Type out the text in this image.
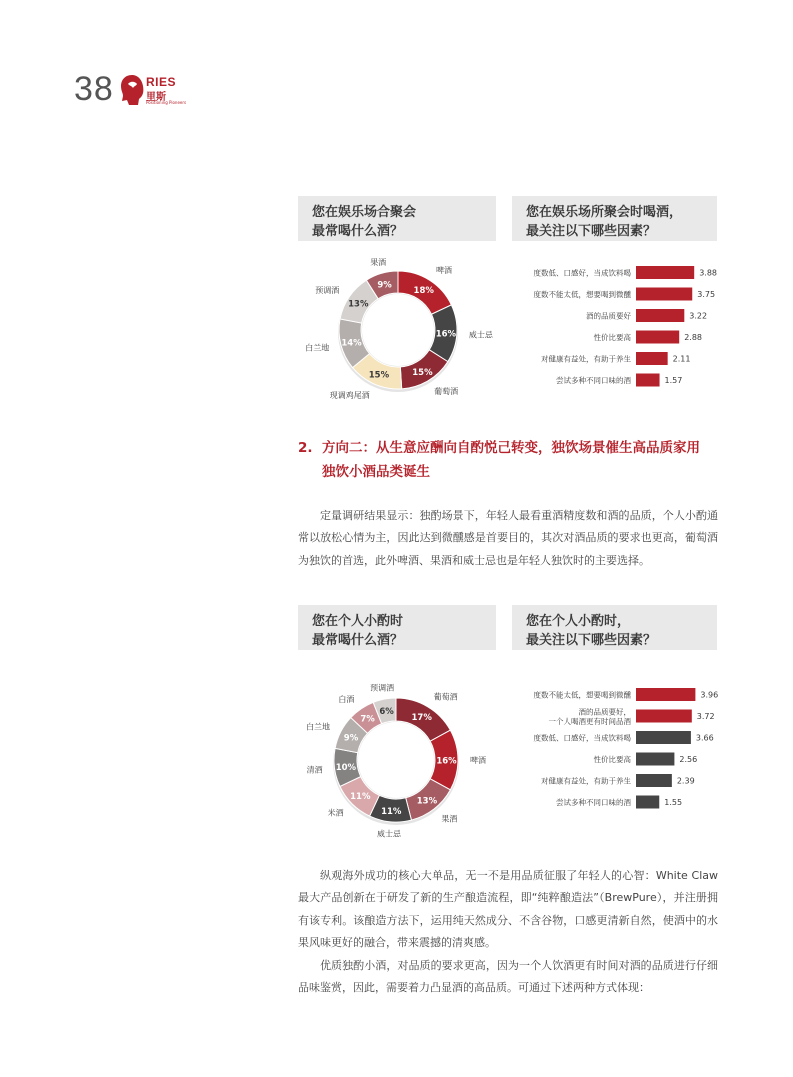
38	RIES
里斯
Positioning Pioneers
您在娱乐场合聚会
最常喝什么酒？
您在娱乐场所聚会时喝酒，
最关注以下哪些因素？
18%
啤酒
16% 威士忌
15%
葡萄酒
15%
现调鸡尾酒
14%
白兰地
13%
预调酒
9%
果酒
3.88
度数低、口感好，当成饮料喝
3.75
度数不能太低，想要喝到微醺
3.22
酒的品质要好
2.88
性价比要高
2.11
对健康有益处，有助于养生
1.57
尝试多种不同口味的酒
2. 方向二：从生意应酬向自酌悦己转变，独饮场景催生高品质家用
独饮小酒品类诞生

定量调研结果显示：独酌场景下，年轻人最看重酒精度数和酒的品质，个人小酌通常以放松心情为主，因此达到微醺感是首要目的，其次对酒品质的要求也更高，葡萄酒为独饮的首选，此外啤酒、果酒和威士忌也是年轻人独饮时的主要选择。

您在个人小酌时
最常喝什么酒？
您在个人小酌时，
最关注以下哪些因素？
17%
葡萄酒
16% 啤酒
13%
果酒
11%
威士忌
11%
米酒
10%
清酒
9%
白兰地
7%
白酒
6%
预调酒
3.96
度数不能太低，想要喝到微醺
3.72
酒的品质要好，
一个人喝酒更有时间品酒
3.66
度数低、口感好，当成饮料喝
2.56
性价比要高
2.39
对健康有益处，有助于养生
1.55
尝试多种不同口味的酒

纵观海外成功的核心大单品，无一不是用品质征服了年轻人的心智：White Claw最大产品创新在于研发了新的生产酿造流程，即“纯粹酿造法”（BrewPure），并注册拥有该专利。该酿造方法下，运用纯天然成分、不含谷物，口感更清新自然，使酒中的水果风味更好的融合，带来震撼的清爽感。

优质独酌小酒，对品质的要求更高，因为一个人饮酒更有时间对酒的品质进行仔细品味鉴赏，因此，需要着力凸显酒的高品质。可通过下述两种方式体现：
